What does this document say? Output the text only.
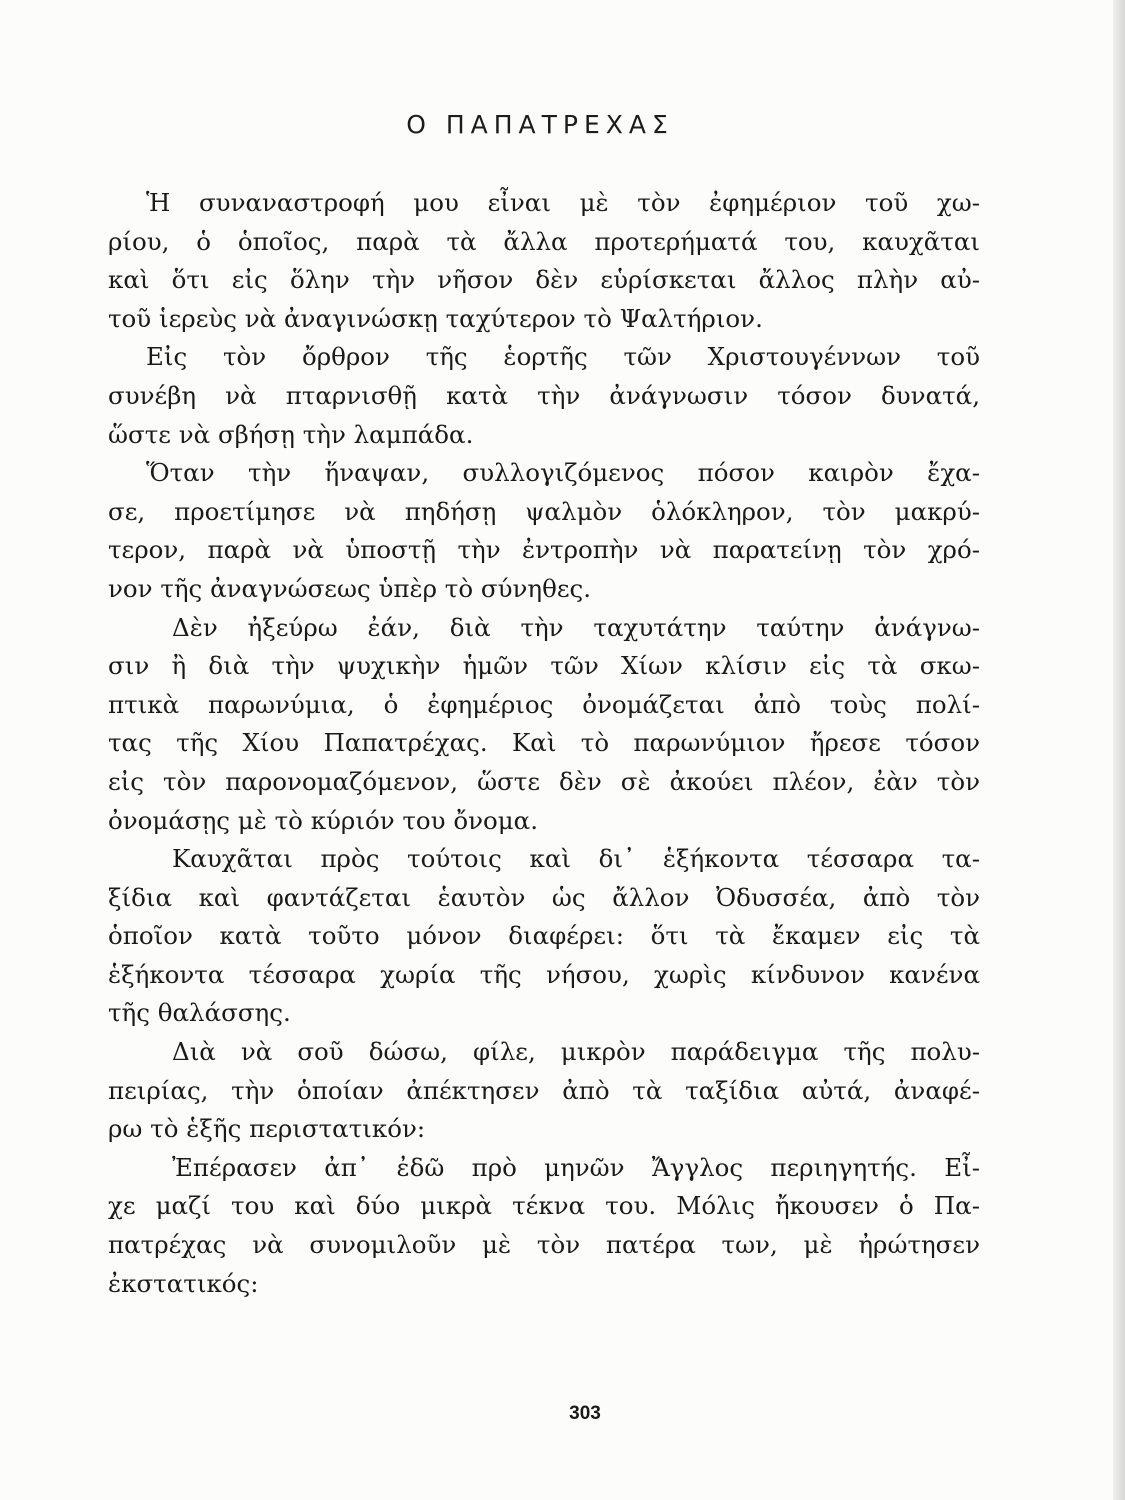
Ο ΠΑΠΑΤΡΕΧΑΣ
Ἡ συναναστροφή μου εἶναι μὲ τὸν ἐφημέριον τοῦ χω-
ρίου, ὁ ὁποῖος, παρὰ τὰ ἄλλα προτερήματά του, καυχᾶται
καὶ ὅτι εἰς ὅλην τὴν νῆσον δὲν εὑρίσκεται ἄλλος πλὴν αὐ-
τοῦ ἱερεὺς νὰ ἀναγινώσκῃ ταχύτερον τὸ Ψαλτήριον.
Εἰς τὸν ὄρθρον τῆς ἑορτῆς τῶν Χριστουγέννων τοῦ
συνέβη νὰ πταρνισθῇ κατὰ τὴν ἀνάγνωσιν τόσον δυνατά,
ὥστε νὰ σβήσῃ τὴν λαμπάδα.
Ὅταν τὴν ἥναψαν, συλλογιζόμενος πόσον καιρὸν ἔχα-
σε, προετίμησε νὰ πηδήσῃ ψαλμὸν ὁλόκληρον, τὸν μακρύ-
τερον, παρὰ νὰ ὑποστῇ τὴν ἐντροπὴν νὰ παρατείνῃ τὸν χρό-
νον τῆς ἀναγνώσεως ὑπὲρ τὸ σύνηθες.
Δὲν ἠξεύρω ἐάν, διὰ τὴν ταχυτάτην ταύτην ἀνάγνω-
σιν ἢ διὰ τὴν ψυχικὴν ἡμῶν τῶν Χίων κλίσιν εἰς τὰ σκω-
πτικὰ παρωνύμια, ὁ ἐφημέριος ὀνομάζεται ἀπὸ τοὺς πολί-
τας τῆς Χίου Παπατρέχας. Καὶ τὸ παρωνύμιον ἤρεσε τόσον
εἰς τὸν παρονομαζόμενον, ὥστε δὲν σὲ ἀκούει πλέον, ἐὰν τὸν
ὀνομάσῃς μὲ τὸ κύριόν του ὄνομα.
Καυχᾶται πρὸς τούτοις καὶ δι᾽ ἑξήκοντα τέσσαρα τα-
ξίδια καὶ φαντάζεται ἑαυτὸν ὡς ἄλλον Ὀδυσσέα, ἀπὸ τὸν
ὁποῖον κατὰ τοῦτο μόνον διαφέρει: ὅτι τὰ ἔκαμεν εἰς τὰ
ἑξήκοντα τέσσαρα χωρία τῆς νήσου, χωρὶς κίνδυνον κανένα
τῆς θαλάσσης.
Διὰ νὰ σοῦ δώσω, φίλε, μικρὸν παράδειγμα τῆς πολυ-
πειρίας, τὴν ὁποίαν ἀπέκτησεν ἀπὸ τὰ ταξίδια αὐτά, ἀναφέ-
ρω τὸ ἑξῆς περιστατικόν:
Ἐπέρασεν ἀπ᾽ ἐδῶ πρὸ μηνῶν Ἄγγλος περιηγητής. Εἶ-
χε μαζί του καὶ δύο μικρὰ τέκνα του. Μόλις ἤκουσεν ὁ Πα-
πατρέχας νὰ συνομιλοῦν μὲ τὸν πατέρα των, μὲ ἠρώτησεν
ἐκστατικός:
303
